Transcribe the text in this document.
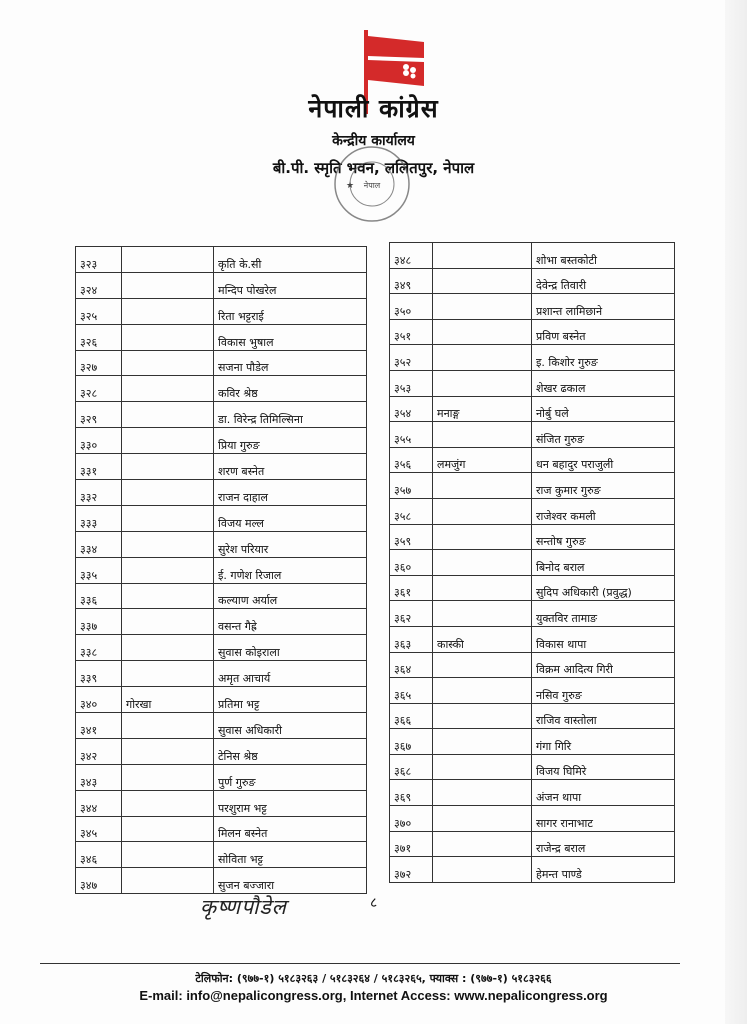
नेपाली कांग्रेस
केन्द्रीय कार्यालय
बी.पी. स्मृति भवन, ललितपुर, नेपाल
नेपाल
★
३२३		कृति के.सी
३२४		मन्दिप पोखरेल
३२५		रिता भट्टराई
३२६		विकास भुषाल
३२७		सजना पौडेल
३२८		कविर श्रेष्ठ
३२९		डा. विरेन्द्र तिमिल्सिना
३३०		प्रिया गुरुङ
३३१		शरण बस्नेत
३३२		राजन दाहाल
३३३		विजय मल्ल
३३४		सुरेश परियार
३३५		ई. गणेश रिजाल
३३६		कल्याण अर्याल
३३७		वसन्त गैह्रे
३३८		सुवास कोइराला
३३९		अमृत आचार्य
३४०	गोरखा	प्रतिमा भट्ट
३४१		सुवास अधिकारी
३४२		टेनिस श्रेष्ठ
३४३		पुर्ण गुरुङ
३४४		परशुराम भट्ट
३४५		मिलन बस्नेत
३४६		सोविता भट्ट
३४७		सुजन बज्जारा
३४८		शोभा बस्तकोटी
३४९		देवेन्द्र तिवारी
३५०		प्रशान्त लामिछाने
३५१		प्रविण बस्नेत
३५२		इ. किशोर गुरुङ
३५३		शेखर ढकाल
३५४	मनाङ्ग	नोर्बु घले
३५५		संजित गुरुङ
३५६	लमजुंग	धन बहादुर पराजुली
३५७		राज कुमार गुरुङ
३५८		राजेश्वर कमली
३५९		सन्तोष गुरुङ
३६०		बिनोद बराल
३६१		सुदिप अधिकारी (प्रवुद्ध)
३६२		युक्तविर तामाङ
३६३	कास्की	विकास थापा
३६४		विक्रम आदित्य गिरी
३६५		नसिव गुरुङ
३६६		राजिव वास्तोला
३६७		गंगा गिरि
३६८		विजय घिमिरे
३६९		अंजन थापा
३७०		सागर रानाभाट
३७१		राजेन्द्र बराल
३७२		हेमन्त पाण्डे
कृष्णपौडेल	८
टेलिफोन: (९७७-१) ५१८३२६३ / ५१८३२६४ / ५१८३२६५, फ्याक्स : (९७७-१) ५१८३२६६
E-mail: info@nepalicongress.org, Internet Access: www.nepalicongress.org
